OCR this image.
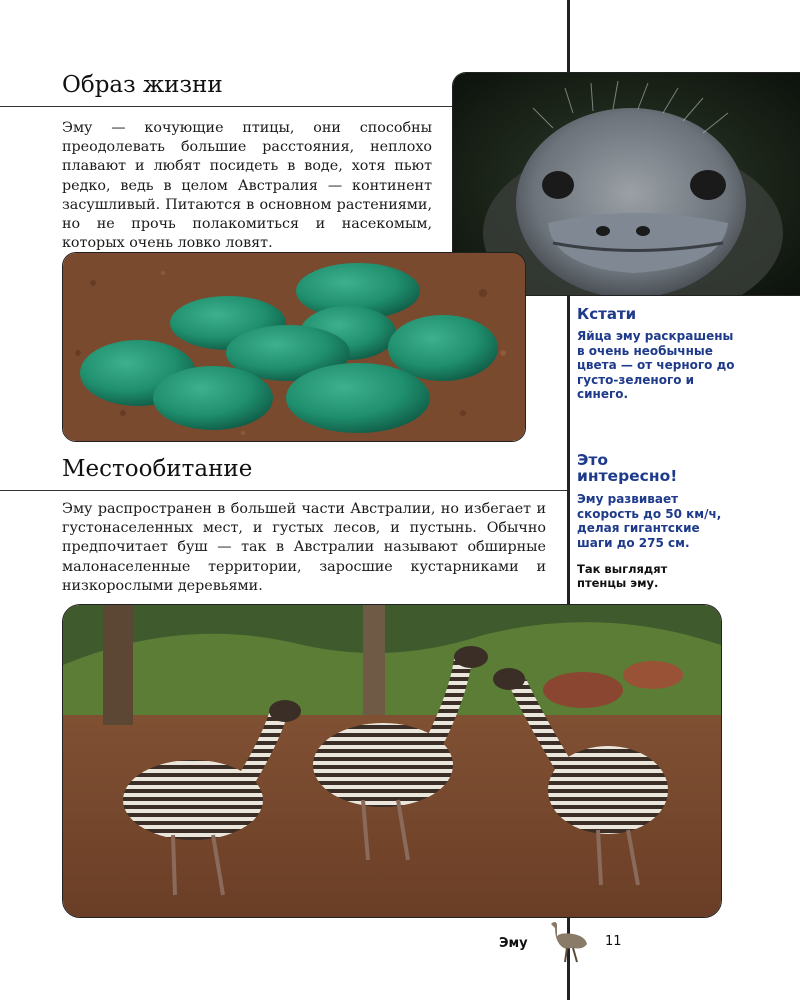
Образ жизни
Эму — кочующие птицы, они способны преодолевать большие расстояния, неплохо плавают и любят посидеть в воде, хотя пьют редко, ведь в целом Австралия — континент засушливый. Питаются в основном растениями, но не прочь полакомиться и насекомым, которых очень ловко ловят.
Местообитание
Эму распространен в большей части Австралии, но избегает и густонаселенных мест, и густых лесов, и пустынь. Обычно предпочитает буш — так в Австралии называют обширные малонаселенные территории, заросшие кустарниками и низкорослыми деревьями.
Кстати
Яйца эму раскрашены в очень необычные цвета — от черного до густо-зеленого и синего.
Это интересно!
Эму развивает скорость до 50 км/ч, делая гигантские шаги до 275 см.
Так выглядят птенцы эму.
Эму	11
